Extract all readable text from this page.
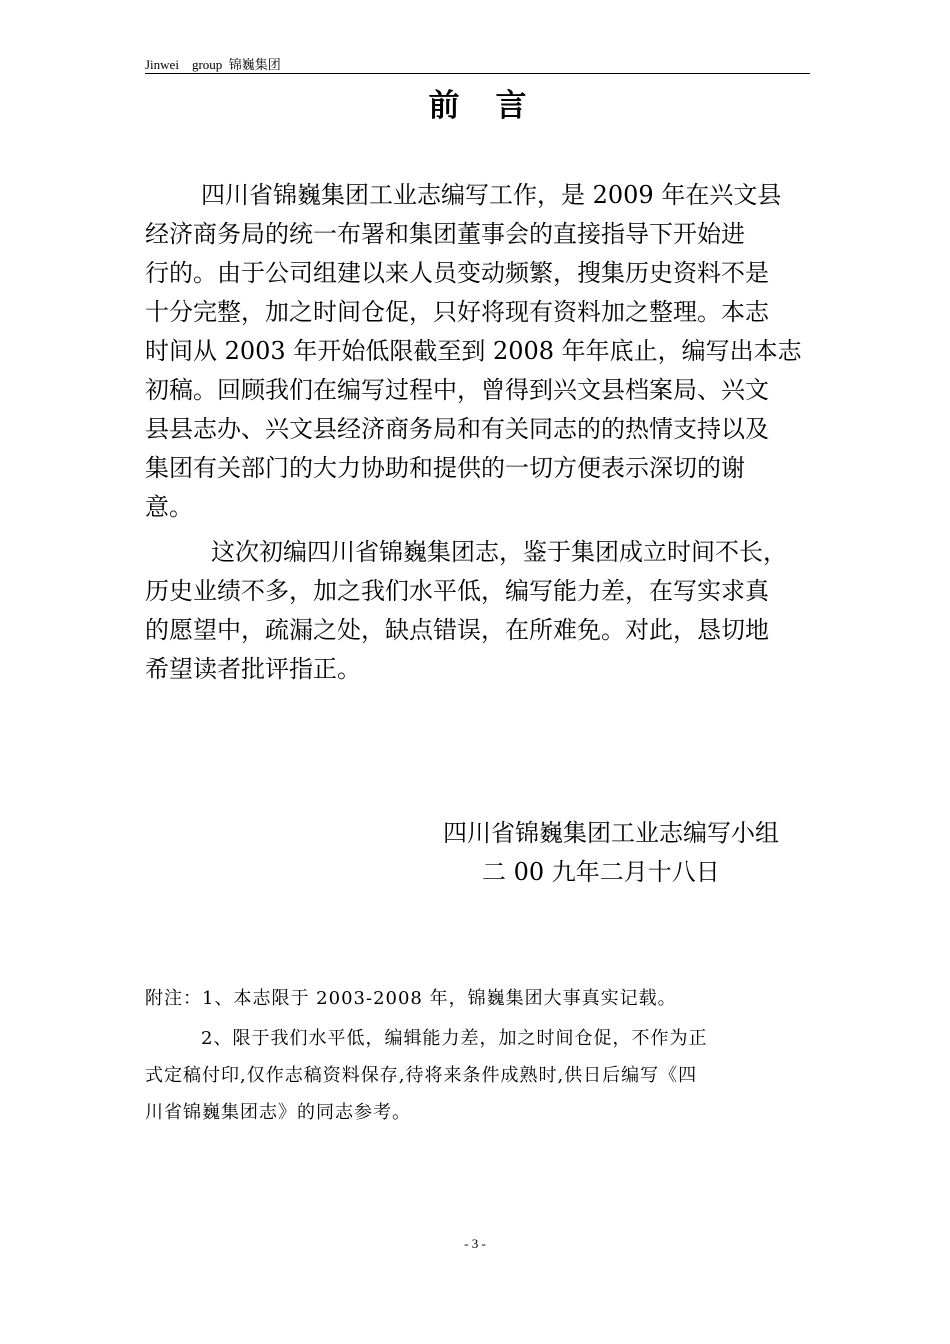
Jinwei    group  锦巍集团
前言
四川省锦巍集团工业志编写工作，是 2009 年在兴文县
经济商务局的统一布署和集团董事会的直接指导下开始进
行的。由于公司组建以来人员变动频繁，搜集历史资料不是
十分完整，加之时间仓促，只好将现有资料加之整理。本志
时间从 2003 年开始低限截至到 2008 年年底止，编写出本志
初稿。回顾我们在编写过程中，曾得到兴文县档案局、兴文
县县志办、兴文县经济商务局和有关同志的的热情支持以及
集团有关部门的大力协助和提供的一切方便表示深切的谢
意。
这次初编四川省锦巍集团志，鉴于集团成立时间不长，
历史业绩不多，加之我们水平低，编写能力差，在写实求真
的愿望中，疏漏之处，缺点错误，在所难免。对此，恳切地
希望读者批评指正。
四川省锦巍集团工业志编写小组
二 00 九年二月十八日
附注：1、本志限于 2003-2008 年，锦巍集团大事真实记载。
2、限于我们水平低，编辑能力差，加之时间仓促，不作为正
式定稿付印,仅作志稿资料保存,待将来条件成熟时,供日后编写《四
川省锦巍集团志》的同志参考。
- 3 -
